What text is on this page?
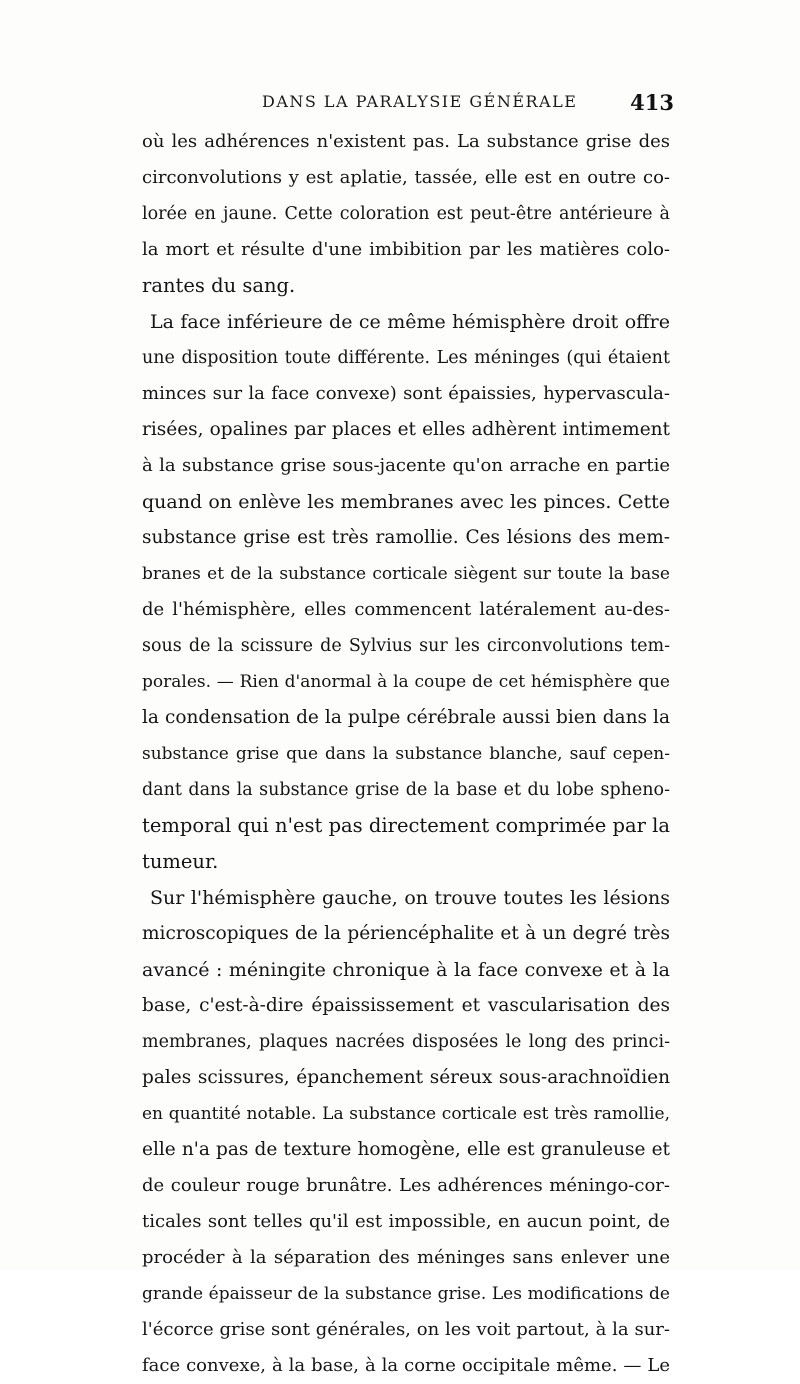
DANS LA PARALYSIE GÉNÉRALE	413
où les adhérences n'existent pas. La substance grise des
circonvolutions y est aplatie, tassée, elle est en outre co-
lorée en jaune. Cette coloration est peut-être antérieure à
la mort et résulte d'une imbibition par les matières colo-
rantes du sang.
La face inférieure de ce même hémisphère droit offre
une disposition toute différente. Les méninges (qui étaient
minces sur la face convexe) sont épaissies, hypervascula-
risées, opalines par places et elles adhèrent intimement
à la substance grise sous-jacente qu'on arrache en partie
quand on enlève les membranes avec les pinces. Cette
substance grise est très ramollie. Ces lésions des mem-
branes et de la substance corticale siègent sur toute la base
de l'hémisphère, elles commencent latéralement au-des-
sous de la scissure de Sylvius sur les circonvolutions tem-
porales. — Rien d'anormal à la coupe de cet hémisphère que
la condensation de la pulpe cérébrale aussi bien dans la
substance grise que dans la substance blanche, sauf cepen-
dant dans la substance grise de la base et du lobe spheno-
temporal qui n'est pas directement comprimée par la
tumeur.
Sur l'hémisphère gauche, on trouve toutes les lésions
microscopiques de la périencéphalite et à un degré très
avancé : méningite chronique à la face convexe et à la
base, c'est-à-dire épaississement et vascularisation des
membranes, plaques nacrées disposées le long des princi-
pales scissures, épanchement séreux sous-arachnoïdien
en quantité notable. La substance corticale est très ramollie,
elle n'a pas de texture homogène, elle est granuleuse et
de couleur rouge brunâtre. Les adhérences méningo-cor-
ticales sont telles qu'il est impossible, en aucun point, de
procéder à la séparation des méninges sans enlever une
grande épaisseur de la substance grise. Les modifications de
l'écorce grise sont générales, on les voit partout, à la sur-
face convexe, à la base, à la corne occipitale même. — Le
